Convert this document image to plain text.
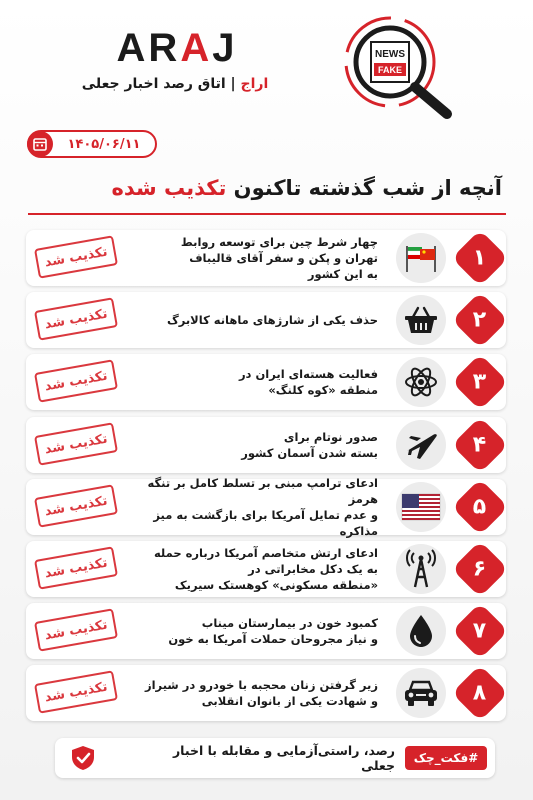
ARAJ
اراج | اتاق رصد اخبار جعلی
NEWS
FAKE
۱۴۰۵/۰۶/۱۱
آنچه از شب گذشته تاکنون تکذیب شده
۱
چهار شرط چین برای توسعه روابط
تهران و پکن و سفر آقای قالیباف
به این کشور
تکذیب شد
۲
حذف یکی از شارژهای ماهانه کالابرگ
تکذیب شد
۳
فعالیت هسته‌ای ایران در
منطقه «کوه کلنگ»
تکذیب شد
۴
صدور نوتام برای
بسته شدن آسمان کشور
تکذیب شد
۵
ادعای ترامپ مبنی بر تسلط کامل بر تنگه هرمز
و عدم تمایل آمریکا برای بازگشت به میز مذاکره
تکذیب شد
۶
ادعای ارتش متخاصم آمریکا درباره حمله
به یک دکل مخابراتی در
«منطقه مسکونی» کوهستک سیریک
تکذیب شد
۷
کمبود خون در بیمارستان میناب
و نیاز مجروحان حملات آمریکا به خون
تکذیب شد
۸
زیر گرفتن زنان محجبه با خودرو در شیراز
و شهادت یکی از بانوان انقلابی
تکذیب شد
#فکت_چک
رصد، راستی‌آزمایی و مقابله با اخبار جعلی
